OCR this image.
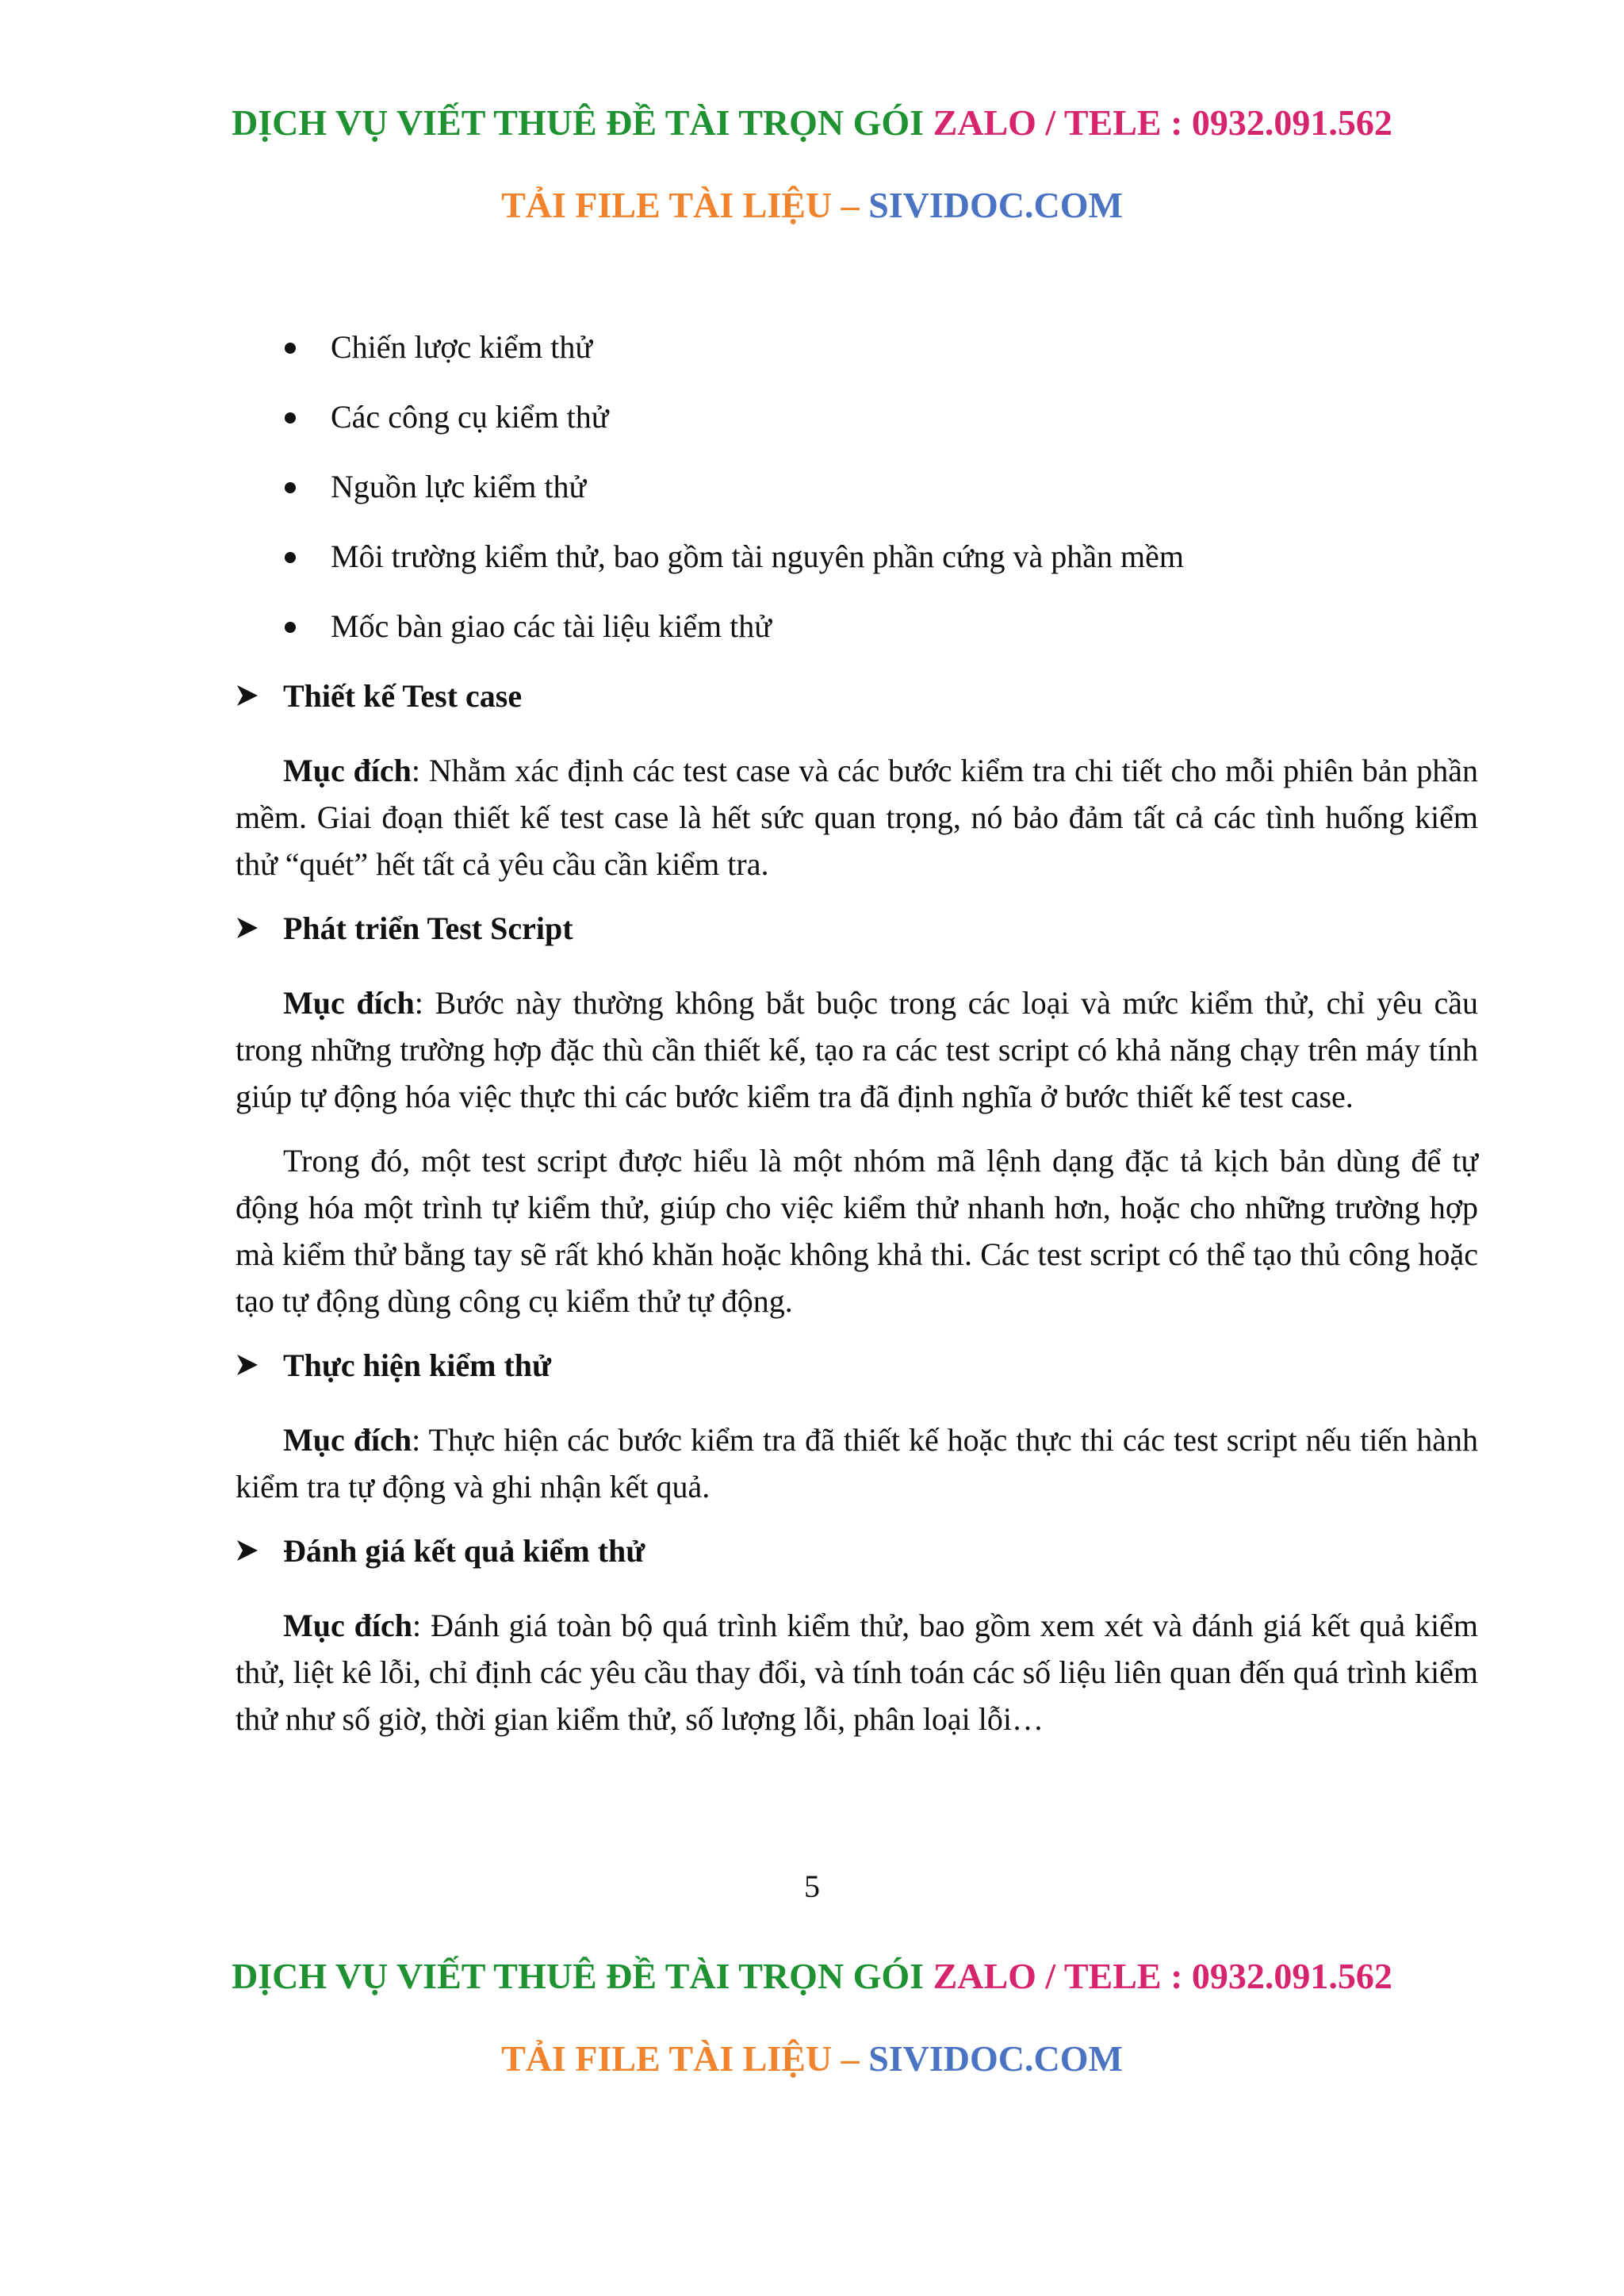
DỊCH VỤ VIẾT THUÊ ĐỀ TÀI TRỌN GÓI ZALO / TELE : 0932.091.562
TẢI FILE TÀI LIỆU – SIVIDOC.COM
Chiến lược kiểm thử
Các công cụ kiểm thử
Nguồn lực kiểm thử
Môi trường kiểm thử, bao gồm tài nguyên phần cứng và phần mềm
Mốc bàn giao các tài liệu kiểm thử
Thiết kế Test case

Mục đích: Nhằm xác định các test case và các bước kiểm tra chi tiết cho mỗi phiên bản phần mềm. Giai đoạn thiết kế test case là hết sức quan trọng, nó bảo đảm tất cả các tình huống kiểm thử “quét” hết tất cả yêu cầu cần kiểm tra.

Phát triển Test Script

Mục đích: Bước này thường không bắt buộc trong các loại và mức kiểm thử, chỉ yêu cầu trong những trường hợp đặc thù cần thiết kế, tạo ra các test script có khả năng chạy trên máy tính giúp tự động hóa việc thực thi các bước kiểm tra đã định nghĩa ở bước thiết kế test case.

Trong đó, một test script được hiểu là một nhóm mã lệnh dạng đặc tả kịch bản dùng để tự động hóa một trình tự kiểm thử, giúp cho việc kiểm thử nhanh hơn, hoặc cho những trường hợp mà kiểm thử bằng tay sẽ rất khó khăn hoặc không khả thi. Các test script có thể tạo thủ công hoặc tạo tự động dùng công cụ kiểm thử tự động.

Thực hiện kiểm thử

Mục đích: Thực hiện các bước kiểm tra đã thiết kế hoặc thực thi các test script nếu tiến hành kiểm tra tự động và ghi nhận kết quả.

Đánh giá kết quả kiểm thử

Mục đích: Đánh giá toàn bộ quá trình kiểm thử, bao gồm xem xét và đánh giá kết quả kiểm thử, liệt kê lỗi, chỉ định các yêu cầu thay đổi, và tính toán các số liệu liên quan đến quá trình kiểm thử như số giờ, thời gian kiểm thử, số lượng lỗi, phân loại lỗi…

5
DỊCH VỤ VIẾT THUÊ ĐỀ TÀI TRỌN GÓI ZALO / TELE : 0932.091.562
TẢI FILE TÀI LIỆU – SIVIDOC.COM
